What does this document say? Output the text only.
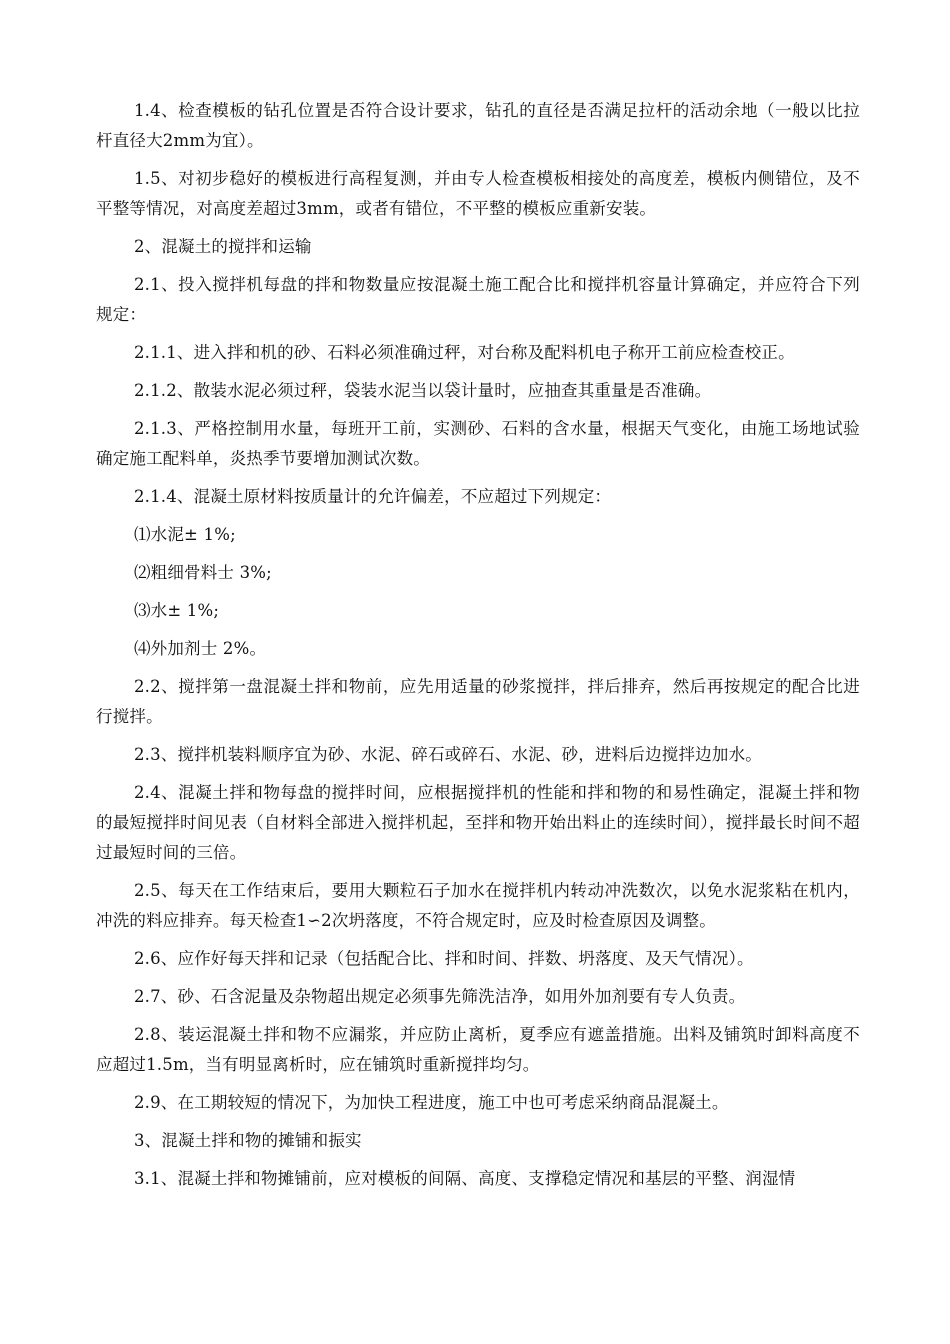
1.4、检查模板的钻孔位置是否符合设计要求，钻孔的直径是否满足拉杆的活动余地（一般以比拉杆直径大2mm为宜）。

1.5、对初步稳好的模板进行高程复测，并由专人检查模板相接处的高度差，模板内侧错位，及不平整等情况，对高度差超过3mm，或者有错位，不平整的模板应重新安装。

2、混凝土的搅拌和运输

2.1、投入搅拌机每盘的拌和物数量应按混凝土施工配合比和搅拌机容量计算确定，并应符合下列规定：

2.1.1、进入拌和机的砂、石料必须准确过秤，对台称及配料机电子称开工前应检查校正。

2.1.2、散装水泥必须过秤，袋装水泥当以袋计量时，应抽查其重量是否准确。

2.1.3、严格控制用水量，每班开工前，实测砂、石料的含水量，根据天气变化，由施工场地试验确定施工配料单，炎热季节要增加测试次数。

2.1.4、混凝土原材料按质量计的允许偏差，不应超过下列规定：

⑴水泥± 1%;

⑵粗细骨料士 3%;

⑶水± 1%;

⑷外加剂士 2%。

2.2、搅拌第一盘混凝土拌和物前，应先用适量的砂浆搅拌，拌后排弃，然后再按规定的配合比进行搅拌。

2.3、搅拌机装料顺序宜为砂、水泥、碎石或碎石、水泥、砂，进料后边搅拌边加水。

2.4、混凝土拌和物每盘的搅拌时间，应根据搅拌机的性能和拌和物的和易性确定，混凝土拌和物的最短搅拌时间见表（自材料全部进入搅拌机起，至拌和物开始出料止的连续时间），搅拌最长时间不超过最短时间的三倍。

2.5、每天在工作结束后，要用大颗粒石子加水在搅拌机内转动冲洗数次，以免水泥浆粘在机内，冲洗的料应排弃。每天检查1∽2次坍落度，不符合规定时，应及时检查原因及调整。

2.6、应作好每天拌和记录（包括配合比、拌和时间、拌数、坍落度、及天气情况）。

2.7、砂、石含泥量及杂物超出规定必须事先筛洗洁净，如用外加剂要有专人负责。

2.8、装运混凝土拌和物不应漏浆，并应防止离析，夏季应有遮盖措施。出料及铺筑时卸料高度不应超过1.5m，当有明显离析时，应在铺筑时重新搅拌均匀。

2.9、在工期较短的情况下，为加快工程进度，施工中也可考虑采纳商品混凝土。

3、混凝土拌和物的摊铺和振实

3.1、混凝土拌和物摊铺前，应对模板的间隔、高度、支撑稳定情况和基层的平整、润湿情
